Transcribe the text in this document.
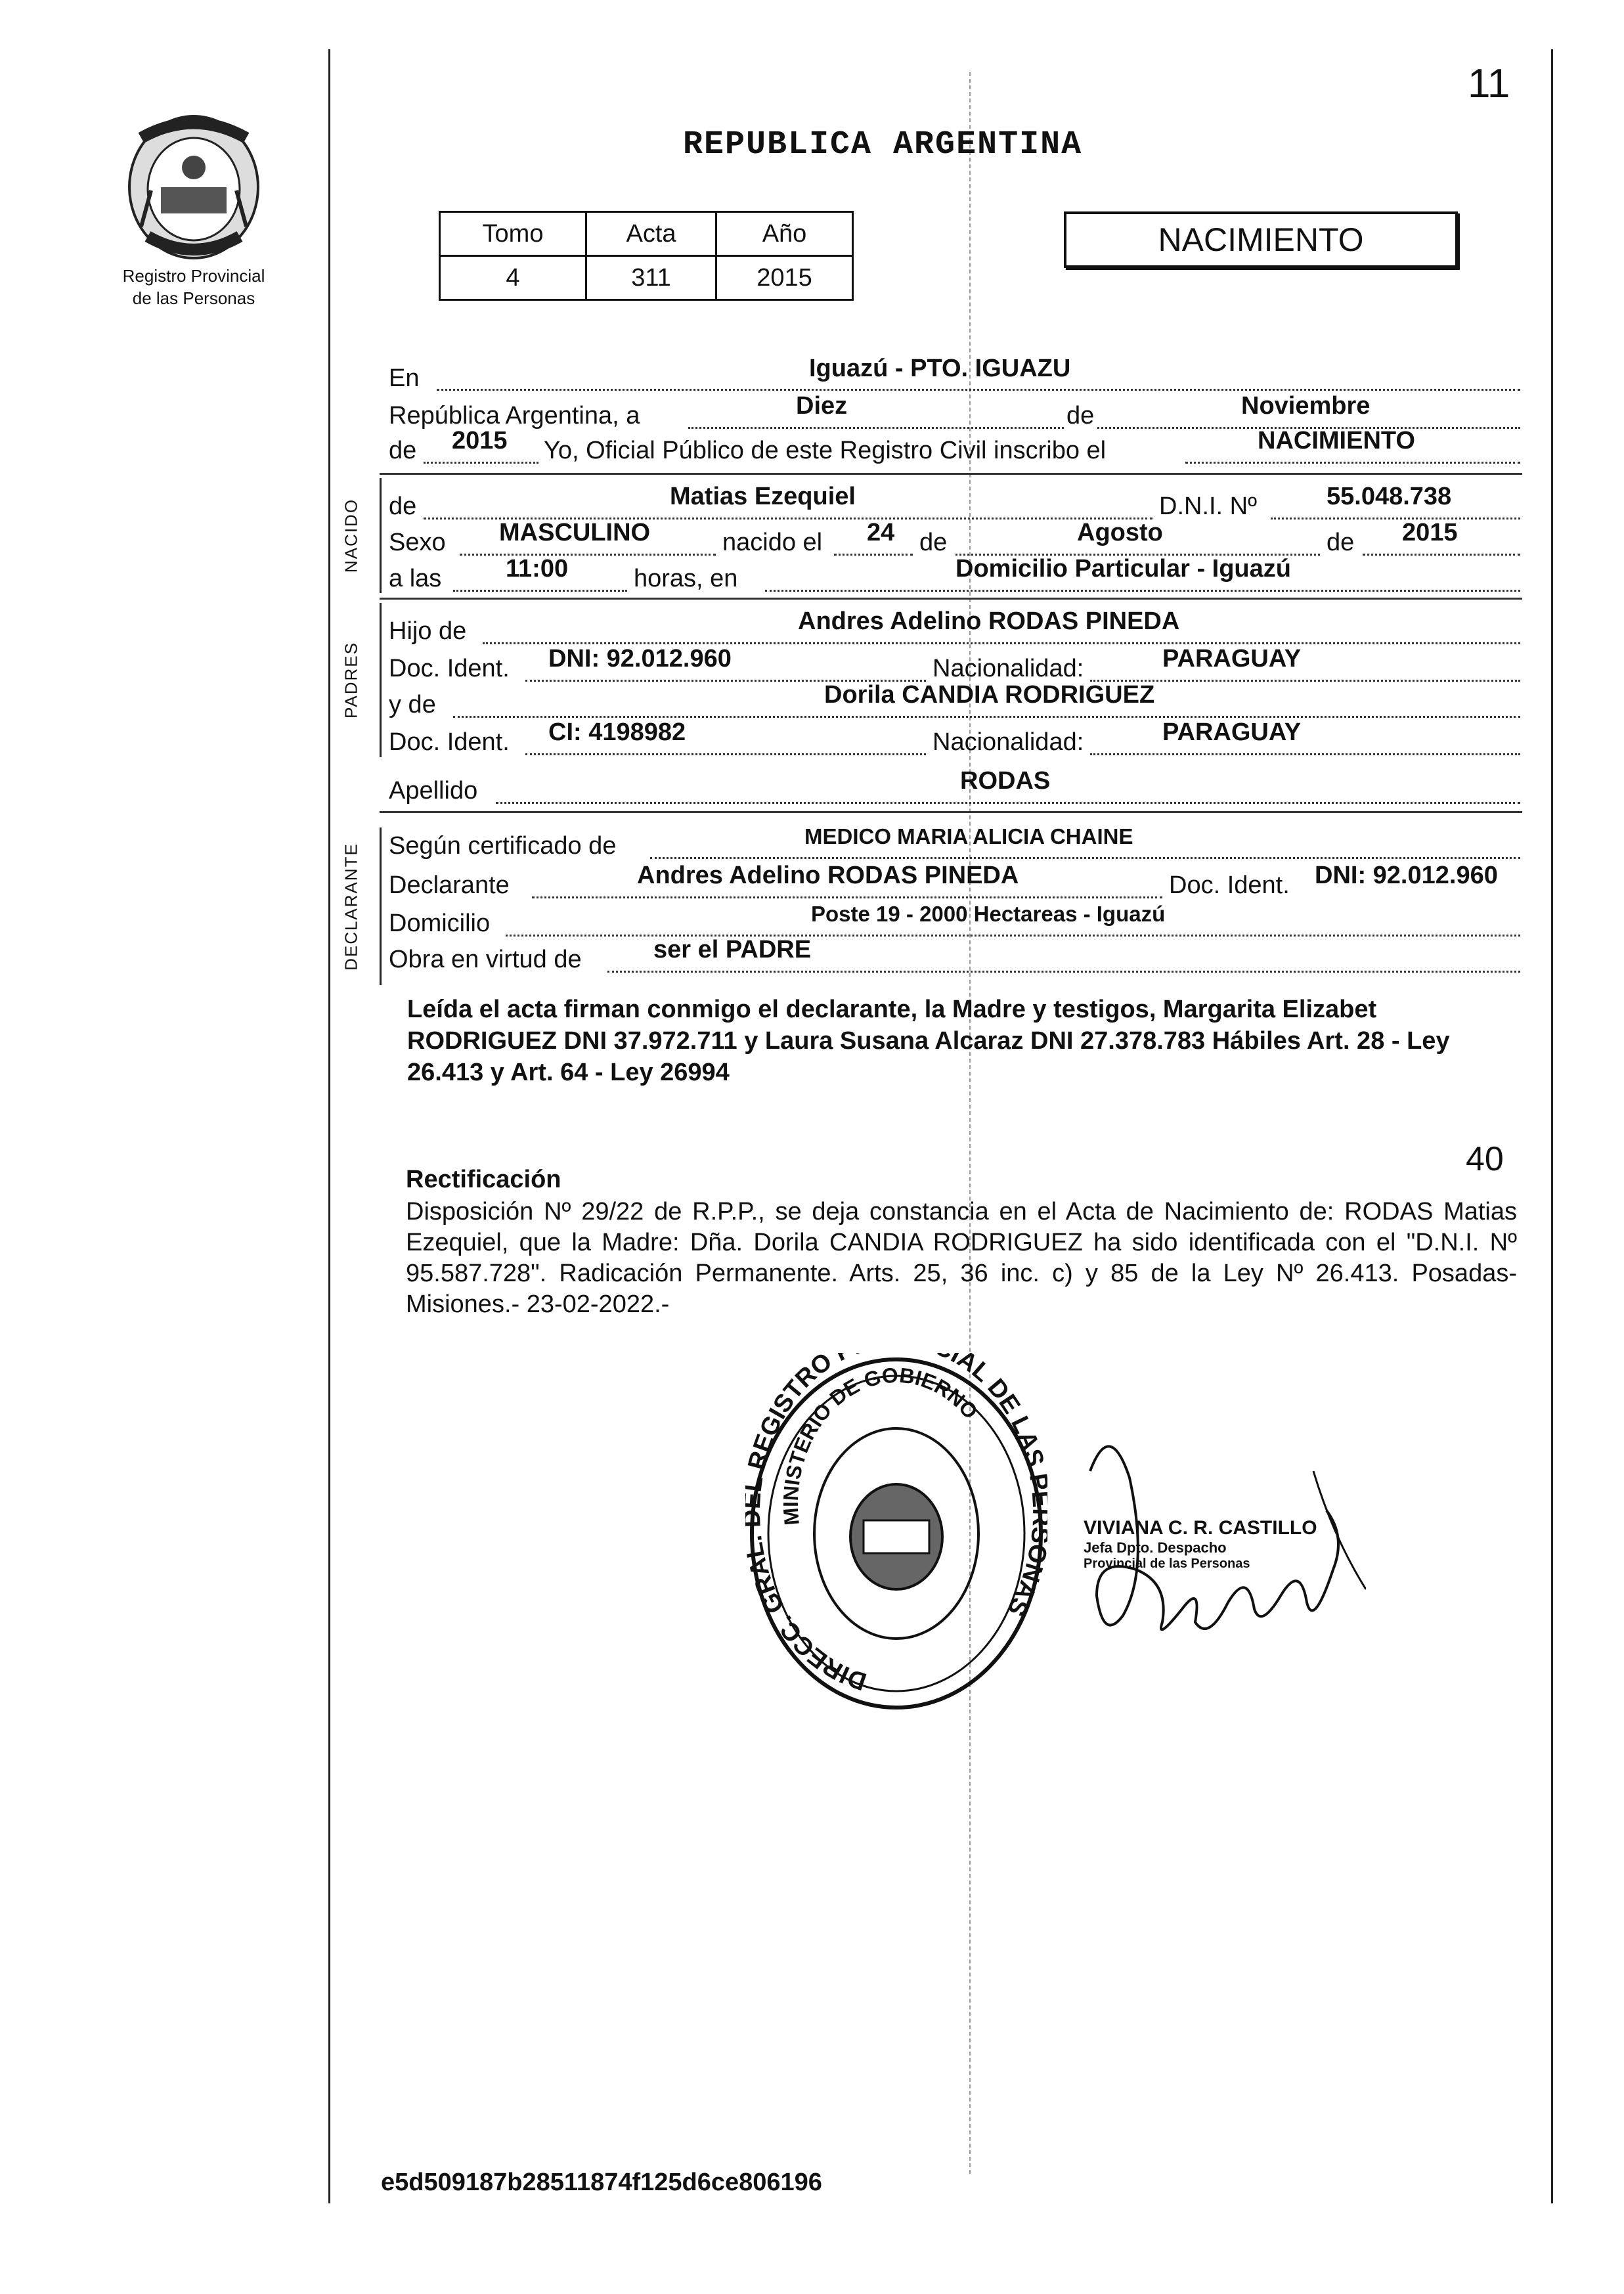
Registro Provincial
de las Personas
11
REPUBLICA ARGENTINA
Tomo	Acta	Año
4	311	2015
NACIMIENTO
En	Iguazú - PTO. IGUAZU
República Argentina, a	Diez	de	Noviembre
de 2015 Yo, Oficial Público de este Registro Civil inscribo el	NACIMIENTO
NACIDO de	Matias Ezequiel	D.N.I. Nº	55.048.738
Sexo MASCULINO	nacido el 24 de	Agosto	de 2015
a las	11:00	horas, en	Domicilio Particular - Iguazú
PADRES
Hijo de	Andres Adelino RODAS PINEDA
Doc. Ident. DNI: 92.012.960	Nacionalidad:	PARAGUAY
y de	Dorila CANDIA RODRIGUEZ
Doc. Ident. CI: 4198982	Nacionalidad:	PARAGUAY
Apellido	RODAS
DECLARANTE Según certificado de	MEDICO MARIA ALICIA CHAINE
Declarante	Andres Adelino RODAS PINEDA	Doc. Ident. DNI: 92.012.960
Domicilio	Poste 19 - 2000 Hectareas - Iguazú
Obra en virtud de	ser el PADRE
Leída el acta firman conmigo el declarante, la Madre y testigos, Margarita Elizabet RODRIGUEZ DNI 37.972.711 y Laura Susana Alcaraz DNI 27.378.783 Hábiles Art. 28 - Ley 26.413 y Art. 64 - Ley 26994
40
Rectificación
Disposición Nº 29/22 de R.P.P., se deja constancia en el Acta de Nacimiento de: RODAS Matias Ezequiel, que la Madre: Dña. Dorila CANDIA RODRIGUEZ ha sido identificada con el "D.N.I. Nº 95.587.728". Radicación Permanente. Arts. 25, 36 inc. c) y 85 de la Ley Nº 26.413. Posadas-Misiones.- 23-02-2022.-
DIRECC. GRA REGISTRO IAL DE LAS NAS
MINISTERIO DE GOBIERNO
VIVIANA C. R. CASTILLO
Jefa Dpto. Despacho
Provincial de las Personas
e5d509187b28511874f125d6ce806196
